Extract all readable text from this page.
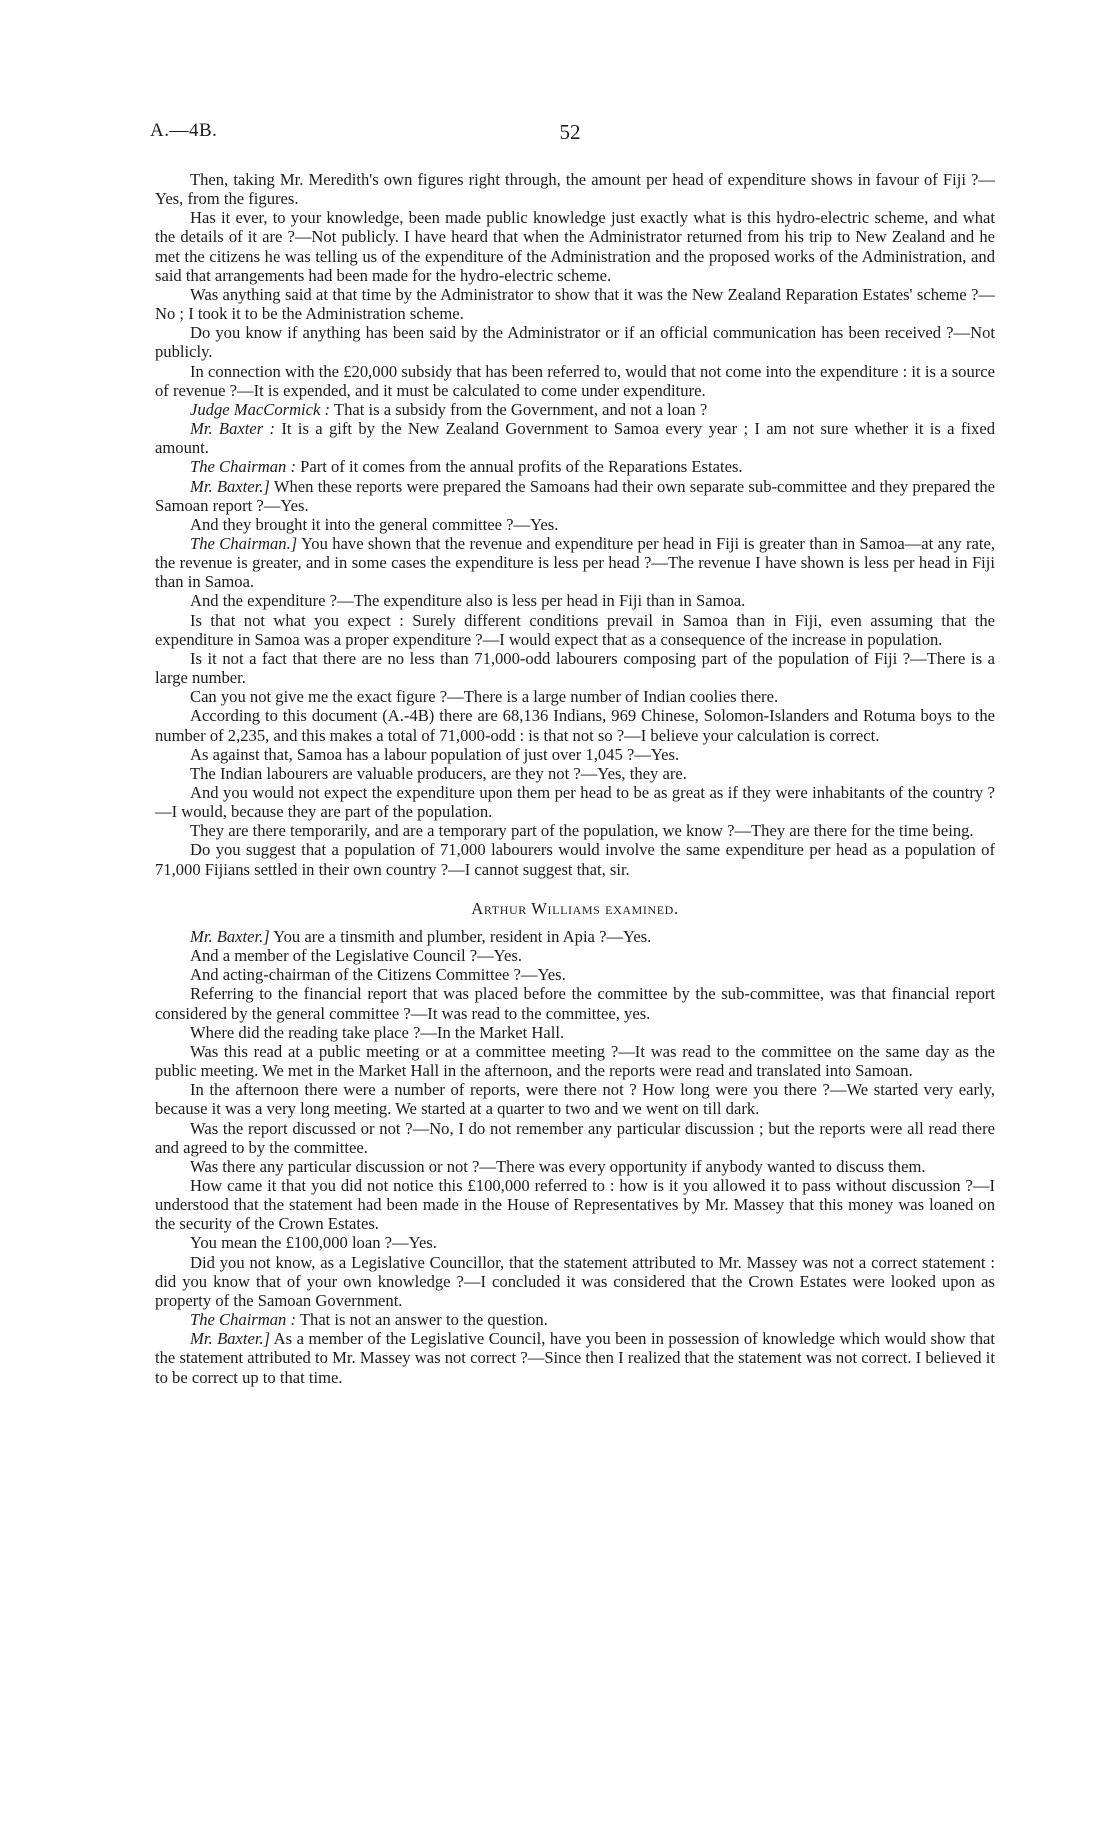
A.—4B.	52

Then, taking Mr. Meredith's own figures right through, the amount per head of expenditure shows in favour of Fiji ?—Yes, from the figures.

Has it ever, to your knowledge, been made public knowledge just exactly what is this hydro-electric scheme, and what the details of it are ?—Not publicly. I have heard that when the Administrator returned from his trip to New Zealand and he met the citizens he was telling us of the expenditure of the Administration and the proposed works of the Administration, and said that arrangements had been made for the hydro-electric scheme.

Was anything said at that time by the Administrator to show that it was the New Zealand Reparation Estates' scheme ?—No ; I took it to be the Administration scheme.

Do you know if anything has been said by the Administrator or if an official communication has been received ?—Not publicly.

In connection with the £20,000 subsidy that has been referred to, would that not come into the expenditure : it is a source of revenue ?—It is expended, and it must be calculated to come under expenditure.

Judge MacCormick : That is a subsidy from the Government, and not a loan ?

Mr. Baxter : It is a gift by the New Zealand Government to Samoa every year ; I am not sure whether it is a fixed amount.

The Chairman : Part of it comes from the annual profits of the Reparations Estates.

Mr. Baxter.] When these reports were prepared the Samoans had their own separate sub-committee and they prepared the Samoan report ?—Yes.

And they brought it into the general committee ?—Yes.

The Chairman.] You have shown that the revenue and expenditure per head in Fiji is greater than in Samoa—at any rate, the revenue is greater, and in some cases the expenditure is less per head ?—The revenue I have shown is less per head in Fiji than in Samoa.

And the expenditure ?—The expenditure also is less per head in Fiji than in Samoa.

Is that not what you expect : Surely different conditions prevail in Samoa than in Fiji, even assuming that the expenditure in Samoa was a proper expenditure ?—I would expect that as a consequence of the increase in population.

Is it not a fact that there are no less than 71,000-odd labourers composing part of the population of Fiji ?—There is a large number.

Can you not give me the exact figure ?—There is a large number of Indian coolies there.

According to this document (A.-4B) there are 68,136 Indians, 969 Chinese, Solomon-Islanders and Rotuma boys to the number of 2,235, and this makes a total of 71,000-odd : is that not so ?—I believe your calculation is correct.

As against that, Samoa has a labour population of just over 1,045 ?—Yes.

The Indian labourers are valuable producers, are they not ?—Yes, they are.

And you would not expect the expenditure upon them per head to be as great as if they were inhabitants of the country ?—I would, because they are part of the population.

They are there temporarily, and are a temporary part of the population, we know ?—They are there for the time being.

Do you suggest that a population of 71,000 labourers would involve the same expenditure per head as a population of 71,000 Fijians settled in their own country ?—I cannot suggest that, sir.

Arthur Williams examined.

Mr. Baxter.] You are a tinsmith and plumber, resident in Apia ?—Yes.

And a member of the Legislative Council ?—Yes.

And acting-chairman of the Citizens Committee ?—Yes.

Referring to the financial report that was placed before the committee by the sub-committee, was that financial report considered by the general committee ?—It was read to the committee, yes.

Where did the reading take place ?—In the Market Hall.

Was this read at a public meeting or at a committee meeting ?—It was read to the committee on the same day as the public meeting. We met in the Market Hall in the afternoon, and the reports were read and translated into Samoan.

In the afternoon there were a number of reports, were there not ? How long were you there ?—We started very early, because it was a very long meeting. We started at a quarter to two and we went on till dark.

Was the report discussed or not ?—No, I do not remember any particular discussion ; but the reports were all read there and agreed to by the committee.

Was there any particular discussion or not ?—There was every opportunity if anybody wanted to discuss them.

How came it that you did not notice this £100,000 referred to : how is it you allowed it to pass without discussion ?—I understood that the statement had been made in the House of Representatives by Mr. Massey that this money was loaned on the security of the Crown Estates.

You mean the £100,000 loan ?—Yes.

Did you not know, as a Legislative Councillor, that the statement attributed to Mr. Massey was not a correct statement : did you know that of your own knowledge ?—I concluded it was considered that the Crown Estates were looked upon as property of the Samoan Government.

The Chairman : That is not an answer to the question.

Mr. Baxter.] As a member of the Legislative Council, have you been in possession of knowledge which would show that the statement attributed to Mr. Massey was not correct ?—Since then I realized that the statement was not correct. I believed it to be correct up to that time.
